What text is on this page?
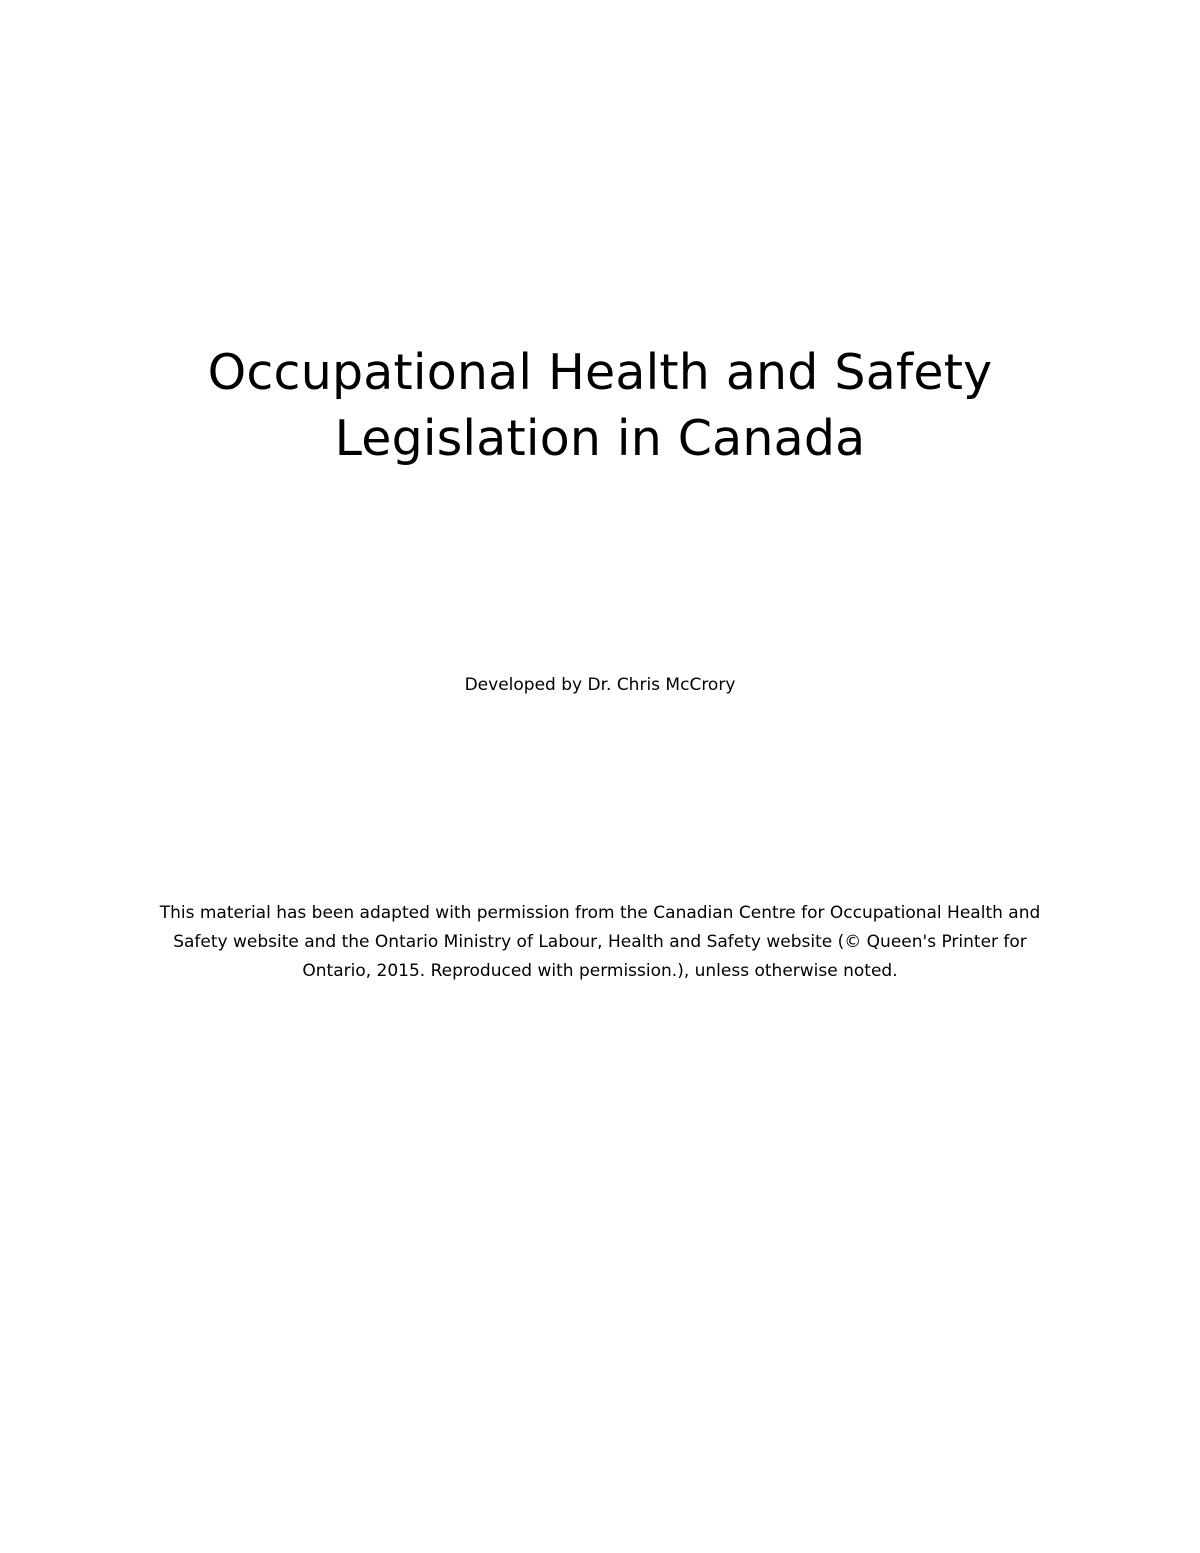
Occupational Health and Safety
Legislation in Canada

Developed by Dr. Chris McCrory

This material has been adapted with permission from the Canadian Centre for Occupational Health and
Safety website and the Ontario Ministry of Labour, Health and Safety website (© Queen's Printer for
Ontario, 2015. Reproduced with permission.), unless otherwise noted.
